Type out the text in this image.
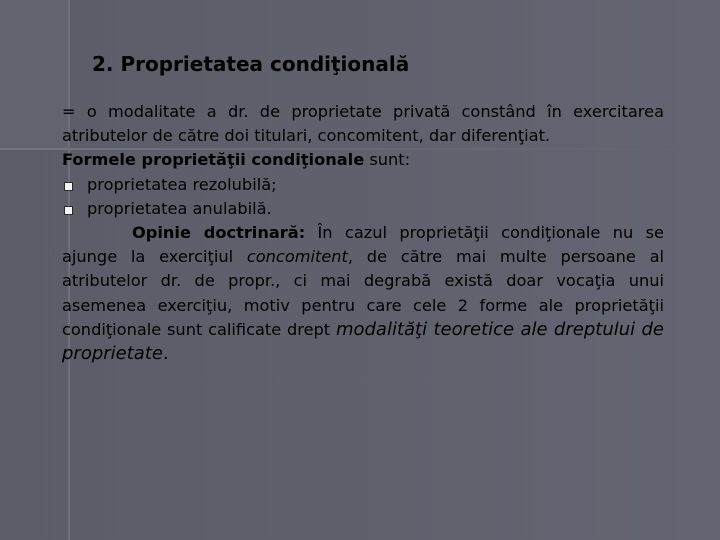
2. Proprietatea condiţională

= o modalitate a dr. de proprietate privată constând în exercitarea atributelor de către doi titulari, concomitent, dar diferenţiat.

Formele proprietăţii condiţionale sunt:

proprietatea rezolubilă;
proprietatea anulabilă.

Opinie doctrinară: În cazul proprietăţii condiţionale nu se ajunge la exerciţiul concomitent, de către mai multe persoane al atributelor dr. de propr., ci mai degrabă există doar vocaţia unui asemenea exerciţiu, motiv pentru care cele 2 forme ale proprietăţii condiţionale sunt calificate drept modalităţi teoretice ale dreptului de proprietate.
